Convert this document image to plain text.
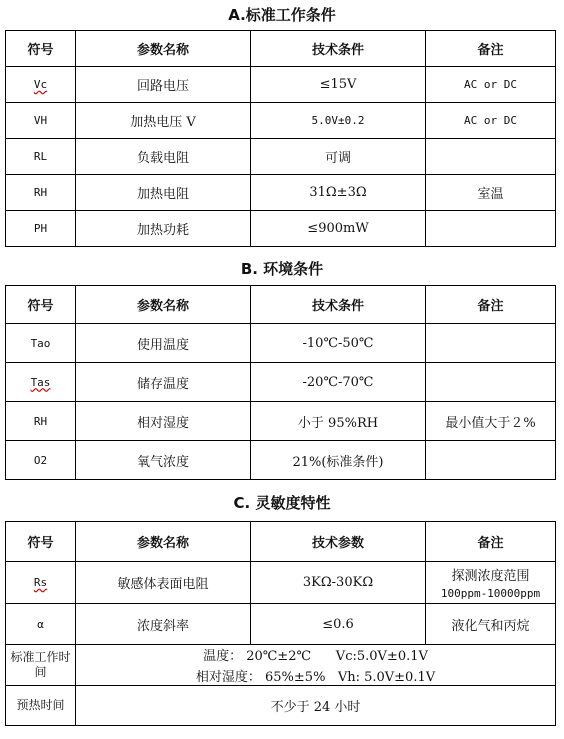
A.标准工作条件
符号	参数名称	技术条件	备注
Vc	回路电压	≤15V	AC or DC
VH	加热电压 V	5.0V±0.2	AC or DC
RL	负载电阻	可调	
RH	加热电阻	31Ω±3Ω	室温
PH	加热功耗	≤900mW	
B. 环境条件
符号	参数名称	技术条件	备注
Tao	使用温度	-10℃-50℃	
Tas	储存温度	-20℃-70℃	
RH	相对湿度	小于 95%RH	最小值大于２%
O2	氧气浓度	21%(标准条件)	
C. 灵敏度特性
符号	参数名称	技术参数	备注
Rs	敏感体表面电阻	3KΩ-30KΩ	探测浓度范围
100ppm-10000ppm

α	浓度斜率	≤0.6	液化气和丙烷
标准工作时间	温度： 20℃±2℃      Vc:5.0V±0.1V
相对湿度： 65%±5%   Vh: 5.0V±0.1V		

预热时间	不少于 24 小时		
